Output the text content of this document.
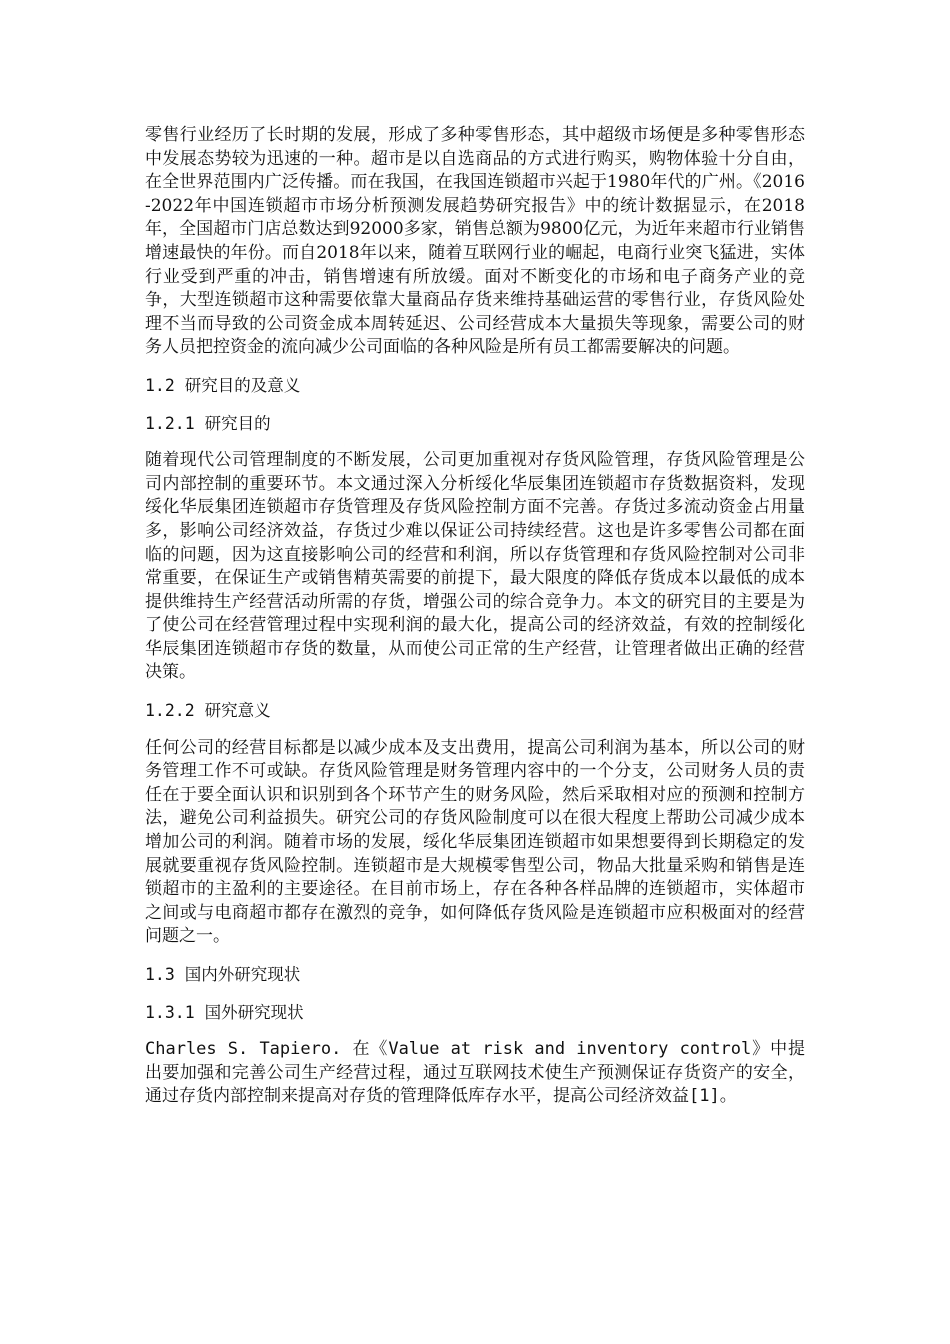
零售行业经历了长时期的发展，形成了多种零售形态，其中超级市场便是多种零售形态中发展态势较为迅速的一种。超市是以自选商品的方式进行购买，购物体验十分自由，在全世界范围内广泛传播。而在我国，在我国连锁超市兴起于1980年代的广州。《2016-2022年中国连锁超市市场分析预测发展趋势研究报告》中的统计数据显示，在2018年，全国超市门店总数达到92000多家，销售总额为9800亿元，为近年来超市行业销售增速最快的年份。而自2018年以来，随着互联网行业的崛起，电商行业突飞猛进，实体行业受到严重的冲击，销售增速有所放缓。面对不断变化的市场和电子商务产业的竞争，大型连锁超市这种需要依靠大量商品存货来维持基础运营的零售行业，存货风险处理不当而导致的公司资金成本周转延迟、公司经营成本大量损失等现象，需要公司的财务人员把控资金的流向减少公司面临的各种风险是所有员工都需要解决的问题。

1.2 研究目的及意义
1.2.1 研究目的

随着现代公司管理制度的不断发展，公司更加重视对存货风险管理，存货风险管理是公司内部控制的重要环节。本文通过深入分析绥化华辰集团连锁超市存货数据资料，发现绥化华辰集团连锁超市存货管理及存货风险控制方面不完善。存货过多流动资金占用量多，影响公司经济效益，存货过少难以保证公司持续经营。这也是许多零售公司都在面临的问题，因为这直接影响公司的经营和利润，所以存货管理和存货风险控制对公司非常重要，在保证生产或销售精英需要的前提下，最大限度的降低存货成本以最低的成本提供维持生产经营活动所需的存货，增强公司的综合竞争力。本文的研究目的主要是为了使公司在经营管理过程中实现利润的最大化，提高公司的经济效益，有效的控制绥化华辰集团连锁超市存货的数量，从而使公司正常的生产经营，让管理者做出正确的经营决策。

1.2.2 研究意义

任何公司的经营目标都是以减少成本及支出费用，提高公司利润为基本，所以公司的财务管理工作不可或缺。存货风险管理是财务管理内容中的一个分支，公司财务人员的责任在于要全面认识和识别到各个环节产生的财务风险，然后采取相对应的预测和控制方法，避免公司利益损失。研究公司的存货风险制度可以在很大程度上帮助公司减少成本增加公司的利润。随着市场的发展，绥化华辰集团连锁超市如果想要得到长期稳定的发展就要重视存货风险控制。连锁超市是大规模零售型公司，物品大批量采购和销售是连锁超市的主盈利的主要途径。在目前市场上，存在各种各样品牌的连锁超市，实体超市之间或与电商超市都存在激烈的竞争，如何降低存货风险是连锁超市应积极面对的经营问题之一。

1.3 国内外研究现状
1.3.1 国外研究现状

Charles S. Tapiero. 在《Value at risk and inventory control》中提出要加强和完善公司生产经营过程，通过互联网技术使生产预测保证存货资产的安全，通过存货内部控制来提高对存货的管理降低库存水平，提高公司经济效益[1]。
